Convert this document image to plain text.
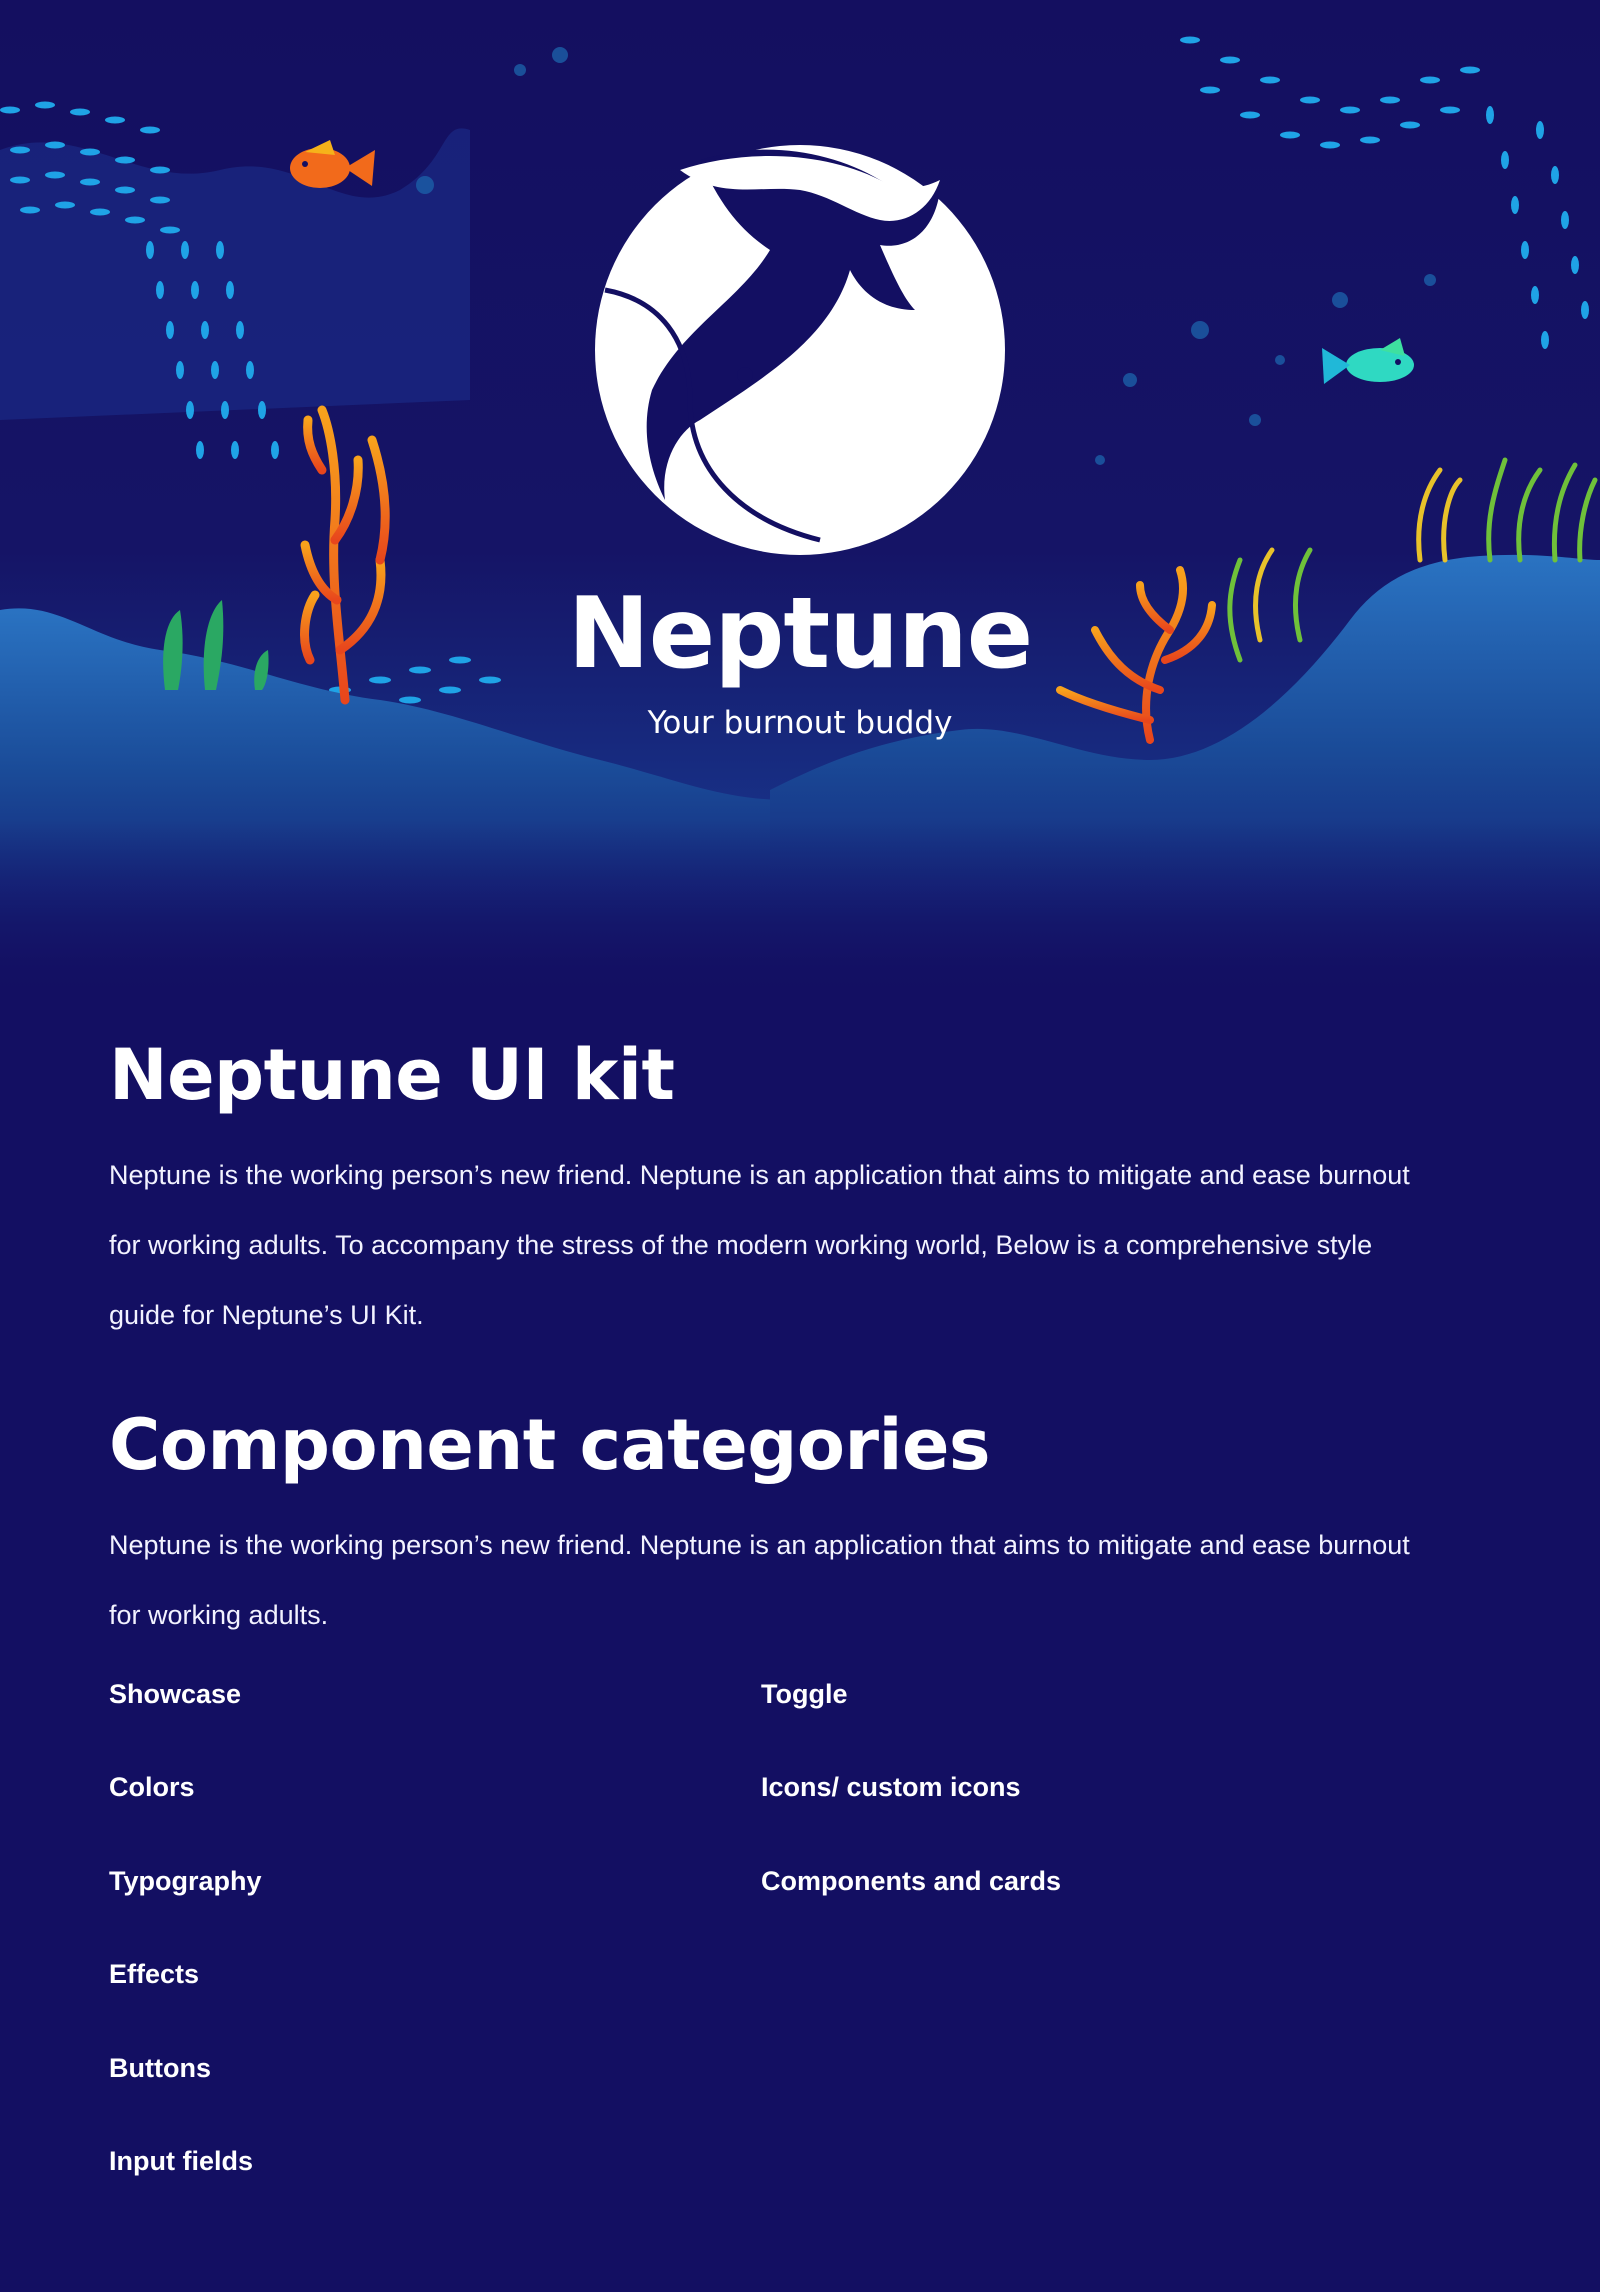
Neptune

Your burnout buddy

Neptune UI kit

Neptune is the working person’s new friend. Neptune is an application that aims to mitigate and ease burnout for working adults. To accompany the stress of the modern working world, Below is a comprehensive style guide for Neptune’s UI Kit.

Component categories

Neptune is the working person’s new friend. Neptune is an application that aims to mitigate and ease burnout for working adults.

Showcase
Colors
Typography
Effects
Buttons
Input fields
Toggle
Icons/ custom icons
Components and cards
